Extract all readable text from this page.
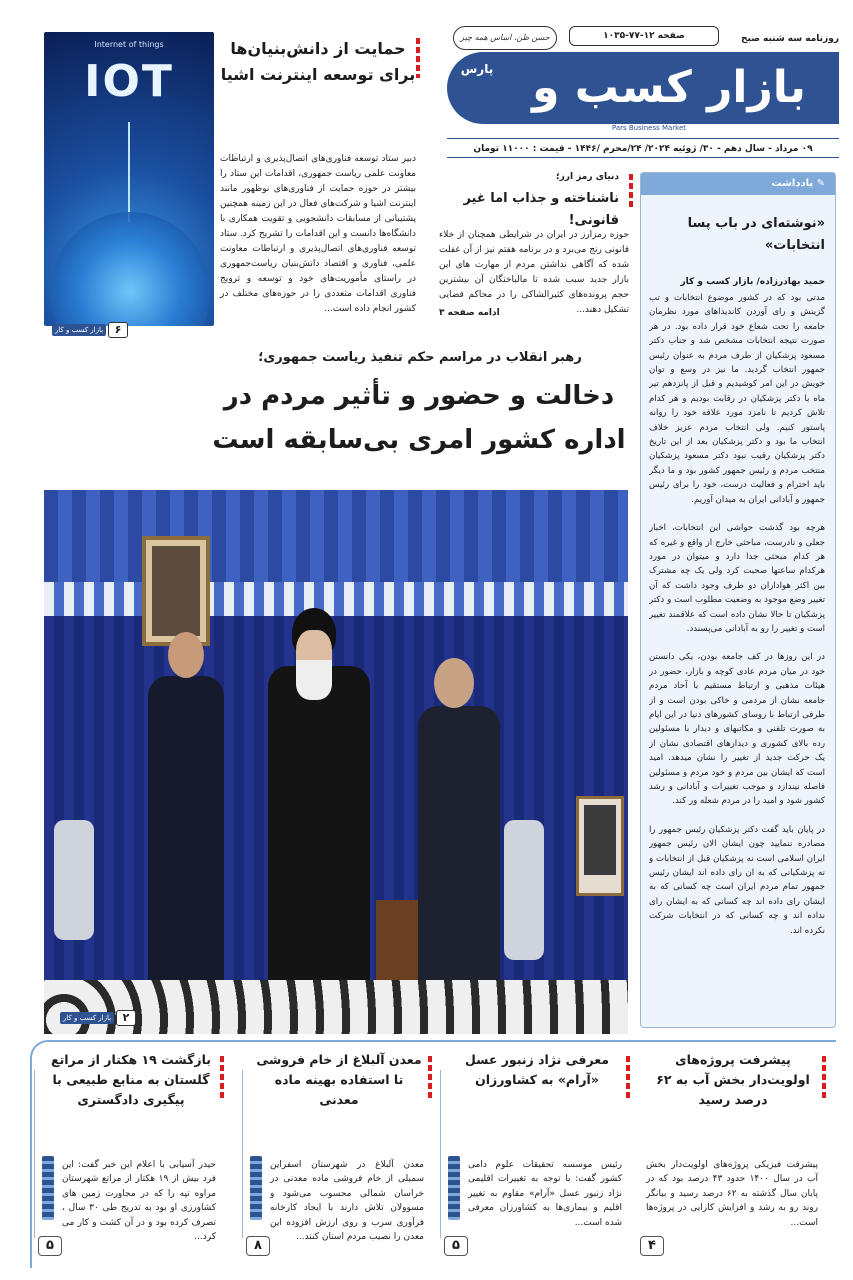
روزنامه سه شنبه صبح
۱۰۳۵-۷۷-۱۲ صفحه
حسن ظن، اساس همه چیز
بازار کسب و
پارس
Pars Business Market
۰۹ مرداد - سال دهم - ۳۰/ ژوئیه ۲۰۲۴/ ۲۴/محرم /۱۴۴۶ - قیمت : ۱۱۰۰۰ تومان
Internet of things
IOT
حمایت از دانش‌بنیان‌ها برای توسعه اینترنت اشیا
دبیر ستاد توسعه فناوری‌های اتصال‌پذیری و ارتباطات معاونت علمی ریاست جمهوری، اقدامات این ستاد را بیشتر در حوزه حمایت از فناوری‌های نوظهور مانند اینترنت اشیا و شرکت‌های فعال در این زمینه همچنین پشتیبانی از مسابقات دانشجویی و تقویت همکاری با دانشگاه‌ها دانست و این اقدامات را تشریح کرد. ستاد توسعه فناوری‌های اتصال‌پذیری و ارتباطات معاونت علمی، فناوری و اقتصاد دانش‌بنیان ریاست‌جمهوری در راستای مأموریت‌های خود و توسعه و ترویج فناوری اقدامات متعددی را در حوزه‌های مختلف در کشور انجام داده است...
۶
بازار کسب و کار
دنیای رمز ارز؛
ناشناخته و جذاب اما غیر قانونی!
حوزه رمزارز در ایران در شرایطی همچنان از خلاء قانونی رنج می‌برد و در برنامه هفتم نیز از آن غفلت شده که آگاهی نداشتن مردم از مهارت های این بازار جدید سبب شده تا مالباختگان آن بیشترین حجم پرونده‌های کثیرالشاکی را در محاکم قضایی تشکیل دهند...
ادامه صفحه ۳
✎ یادداشت
«نوشته‌ای در باب پسا انتخابات»
حمید بهادرزاده/ بازار کسب و کار

مدتی بود که در کشور موضوع انتخابات و تب گزینش و رای آوردن کاندیداهای مورد نظرمان جامعه را تحت شعاع خود قرار داده بود. در هر صورت نتیجه انتخابات مشخص شد و جناب دکتر مسعود پزشکیان از طرف مردم به عنوان رئیس جمهور انتخاب گردید. ما نیز در وسع و توان خویش در این امر کوشیدیم و قبل از پانزدهم تیر ماه با دکتر پزشکیان در رقابت بودیم و هر کدام تلاش کردیم تا نامزد مورد علاقه خود را روانه پاستور کنیم. ولی انتخاب مردم عزیز خلاف انتخاب ما بود و دکتر پزشکیان بعد از این تاریخ دکتر پزشکیان رقیب نبود دکتر مسعود پزشکیان منتخب مردم و رئیس جمهور کشور بود و ما دیگر باید احترام و فعالیت درست، خود را برای رئیس جمهور و آبادانی ایران به میدان آوریم.

هرچه بود گذشت حواشی این انتخابات، اخبار جعلی و نادرست، مباحثی خارج از واقع و غیره که هر کدام مبحثی جدا دارد و میتوان در مورد هرکدام ساعتها صحبت کرد ولی یک چه مشترک بین اکثر هواداران دو طرف وجود داشت که آن تغییر وضع موجود به وضعیت مطلوب است و دکتر پزشکیان تا حالا نشان داده است که علاقمند تغییر است و تغییر را رو به آبادانی می‌پسندد.

در این روزها در کف جامعه بودن، یکی دانستن خود در میان مردم عادی کوچه و بازار، حضور در هیئات مذهبی و ارتباط مستقیم با آحاد مردم جامعه نشان از مردمی و خاکی بودن است و از طرفی ارتباط با روسای کشورهای دنیا در این ایام به صورت تلفنی و مکاتبهای و دیدار با مسئولین رده بالای کشوری و دیدارهای اقتصادی نشان از یک حرکت جدید از تغییر را نشان میدهد. امید است که ایشان بین مردم و خود مردم و مسئولین فاصله نیندازد و موجب تغییرات و آبادانی و رشد کشور شود و امید را در مردم شعله ور کند.

در پایان باید گفت دکتر پزشکیان رئیس جمهور را مصادره ننمایید چون ایشان الان رئیس جمهور ایران اسلامی است نه پزشکیان قبل از انتخابات و نه پزشکیانی که به ان رای داده اند ایشان رئیس جمهور تمام مردم ایران است چه کسانی که به ایشان رای داده اند چه کسانی که به ایشان رای نداده اند و چه کسانی که در انتخابات شرکت نکرده اند.

رهبر انقلاب در مراسم حکم تنفیذ ریاست جمهوری؛
دخالت و حضور و تأثیر مردم در اداره کشور امری بی‌سابقه است
۲
بازار کسب و کار
پیشرفت پروژه‌های اولویت‌دار بخش آب به ۶۲ درصد رسید
پیشرفت فیزیکی پروژه‌های اولویت‌دار بخش آب در سال ۱۴۰۰ حدود ۴۳ درصد بود که در پایان سال گذشته به ۶۲ درصد رسید و بیانگر روند رو به رشد و افزایش کارایی در پروژه‌ها است...
۴
معرفی نژاد زنبور عسل «آرام» به کشاورزان
رئیس موسسه تحقیقات علوم دامی کشور گفت: با توجه به تغییرات اقلیمی نژاد زنبور عسل «آرام» مقاوم به تغییر اقلیم و بیماری‌ها به کشاورزان معرفی شده است...
۵
معدن آلبلاغ از خام فروشی تا استفاده بهینه ماده معدنی
معدن آلبلاغ در شهرستان اسفراین سمبلی از خام فروشی ماده معدنی در خراسان شمالی محسوب می‌شود و مسوولان تلاش دارند با ایجاد کارخانه فرآوری سرب و روی ارزش افزوده این معدن را نصیب مردم استان کنند...
۸
بازگشت ۱۹ هکتار از مراتع گلستان به منابع طبیعی با پیگیری دادگستری
حیدر آسیابی با اعلام این خبر گفت: این فرد بیش از ۱۹ هکتار از مراتع شهرستان مراوه تپه را که در مجاورت زمین های کشاورزی او بود به تدریج طی ۳۰ سال ، تصرف کرده بود و در آن کشت و کار می کرد...
۵
